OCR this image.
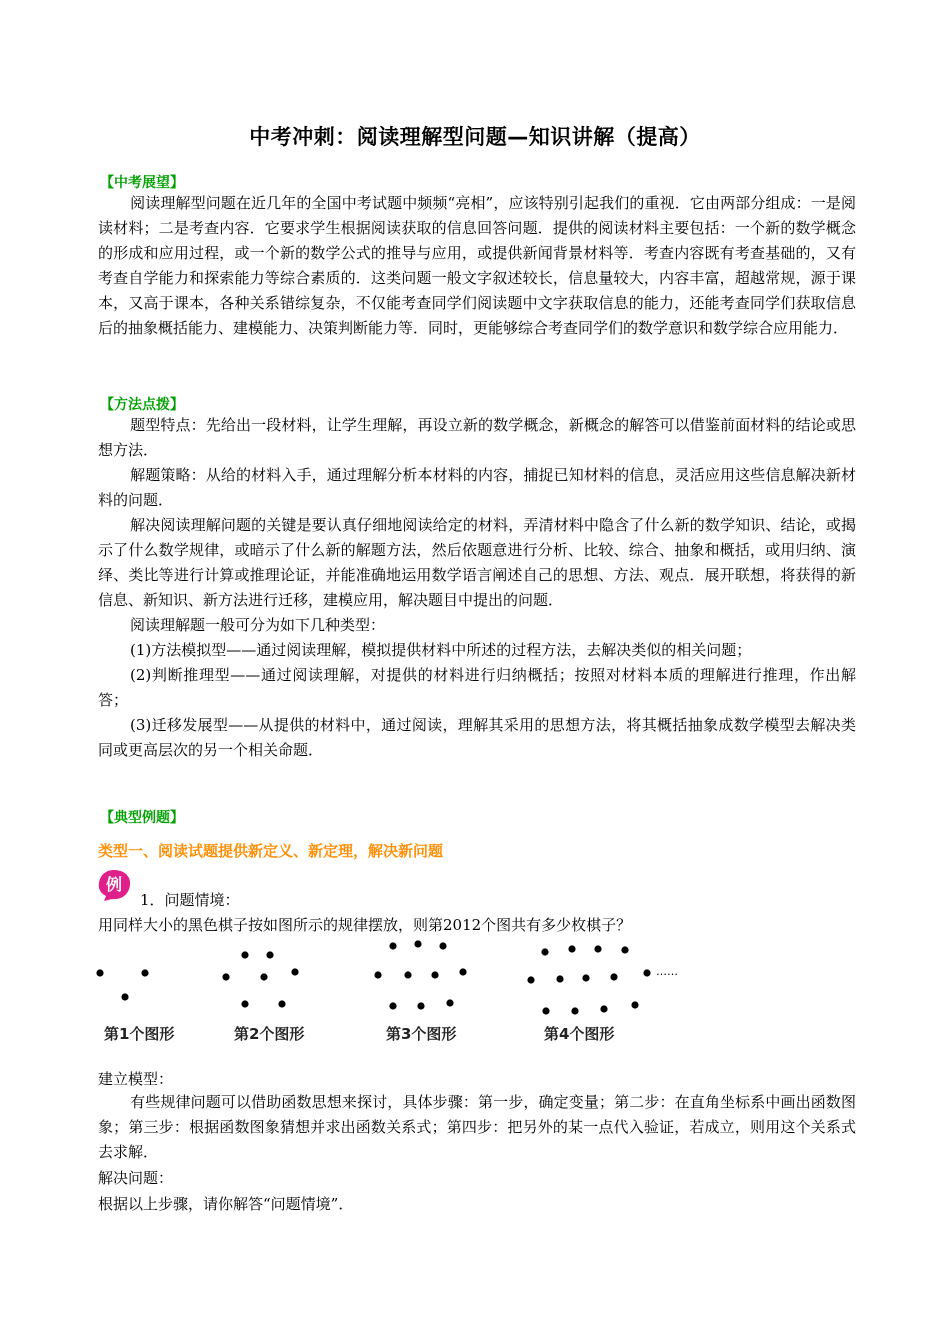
中考冲刺：阅读理解型问题—知识讲解（提高）
【中考展望】
阅读理解型问题在近几年的全国中考试题中频频“亮相”，应该特别引起我们的重视．它由两部分组成：一是阅读材料；二是考查内容．它要求学生根据阅读获取的信息回答问题．提供的阅读材料主要包括：一个新的数学概念的形成和应用过程，或一个新的数学公式的推导与应用，或提供新闻背景材料等．考查内容既有考查基础的，又有考查自学能力和探索能力等综合素质的．这类问题一般文字叙述较长，信息量较大，内容丰富，超越常规，源于课本，又高于课本，各种关系错综复杂，不仅能考查同学们阅读题中文字获取信息的能力，还能考查同学们获取信息后的抽象概括能力、建模能力、决策判断能力等．同时，更能够综合考查同学们的数学意识和数学综合应用能力．
【方法点拨】
题型特点：先给出一段材料，让学生理解，再设立新的数学概念，新概念的解答可以借鉴前面材料的结论或思想方法．
解题策略：从给的材料入手，通过理解分析本材料的内容，捕捉已知材料的信息，灵活应用这些信息解决新材料的问题．
解决阅读理解问题的关键是要认真仔细地阅读给定的材料，弄清材料中隐含了什么新的数学知识、结论，或揭示了什么数学规律，或暗示了什么新的解题方法，然后依题意进行分析、比较、综合、抽象和概括，或用归纳、演绎、类比等进行计算或推理论证，并能准确地运用数学语言阐述自己的思想、方法、观点．展开联想，将获得的新信息、新知识、新方法进行迁移，建模应用，解决题目中提出的问题．
阅读理解题一般可分为如下几种类型：
(1)方法模拟型——通过阅读理解，模拟提供材料中所述的过程方法，去解决类似的相关问题；
(2)判断推理型——通过阅读理解，对提供的材料进行归纳概括；按照对材料本质的理解进行推理，作出解答；
(3)迁移发展型——从提供的材料中，通过阅读，理解其采用的思想方法，将其概括抽象成数学模型去解决类同或更高层次的另一个相关命题．
【典型例题】
类型一、阅读试题提供新定义、新定理，解决新问题
例
1．问题情境：
用同样大小的黑色棋子按如图所示的规律摆放，则第2012个图共有多少枚棋子？
……
第1个图形	第2个图形	第3个图形	第4个图形
建立模型：
有些规律问题可以借助函数思想来探讨，具体步骤：第一步，确定变量；第二步：在直角坐标系中画出函数图象；第三步：根据函数图象猜想并求出函数关系式；第四步：把另外的某一点代入验证，若成立，则用这个关系式去求解．
解决问题：
根据以上步骤，请你解答“问题情境”．
